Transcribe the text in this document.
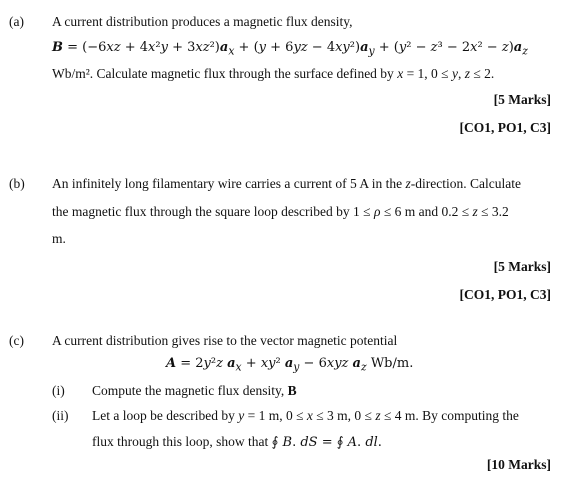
(a) A current distribution produces a magnetic flux density,
$B = (-6xz + 4x^2y + 3xz^2)a_x + (y + 6yz - 4xy^2)a_y + (y^2 - z^3 - 2x^2 - z)a_z$
Wb/m². Calculate magnetic flux through the surface defined by x = 1, 0 ≤ y, z ≤ 2.
[5 Marks]
[CO1, PO1, C3]
(b) An infinitely long filamentary wire carries a current of 5 A in the z-direction. Calculate
the magnetic flux through the square loop described by 1 ≤ ρ ≤ 6 m and 0.2 ≤ z ≤ 3.2
m.
[5 Marks]
[CO1, PO1, C3]
(c) A current distribution gives rise to the vector magnetic potential
A = 2y²z $a_x + xy^2$ $a_y - 6xyz$ $a_z$ Wb/m.
(i) Compute the magnetic flux density, B
(ii) Let a loop be described by y = 1 m, 0 ≤ x ≤ 3 m, 0 ≤ z ≤ 4 m. By computing the
flux through this loop, show that ∮ B. dS = ∮ A. dl.
[10 Marks]
